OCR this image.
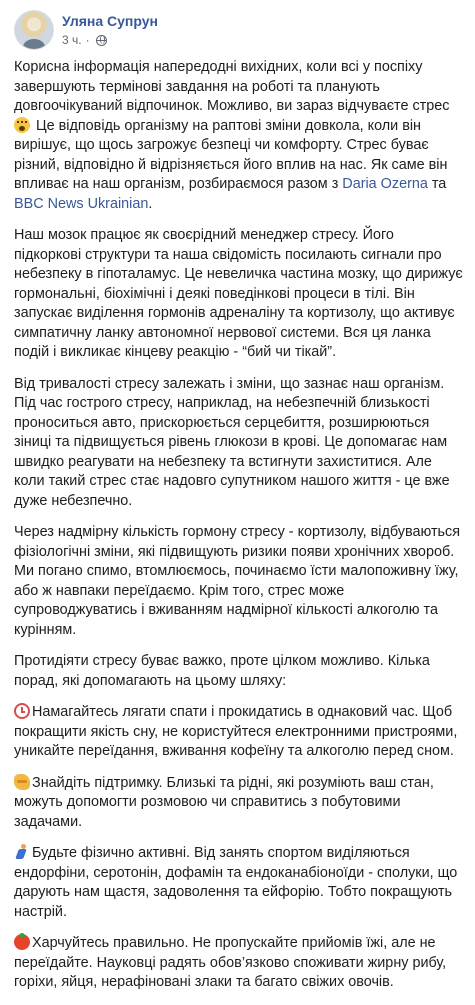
Уляна Супрун
3 ч. ·

Корисна інформація напередодні вихідних, коли всі у поспіху завершують термінові завдання на роботі та планують довгоочікуваний відпочинок. Можливо, ви зараз відчуваєте стрес Це відповідь організму на раптові зміни довкола, коли він вирішує, що щось загрожує безпеці чи комфорту. Стрес буває різний, відповідно й відрізняється його вплив на нас. Як саме він впливає на наш організм, розбираємося разом з Daria Ozerna та BBC News Ukrainian.

Наш мозок працює як своєрідний менеджер стресу. Його підкоркові структури та наша свідомість посилають сигнали про небезпеку в гіпоталамус. Це невеличка частина мозку, що дирижує гормональні, біохімічні і деякі поведінкові процеси в тілі. Він запускає виділення гормонів адреналіну та кортизолу, що активує симпатичну ланку автономної нервової системи. Вся ця ланка подій і викликає кінцеву реакцію - “бий чи тікай”.

Від тривалості стресу залежать і зміни, що зазнає наш організм. Під час гострого стресу, наприклад, на небезпечній близькості проноситься авто, прискорюється серцебиття, розширюються зіниці та підвищується рівень глюкози в крові. Це допомагає нам швидко реагувати на небезпеку та встигнути захиститися. Але коли такий стрес стає надовго супутником нашого життя - це вже дуже небезпечно.

Через надмірну кількість гормону стресу - кортизолу, відбуваються фізіологічні зміни, які підвищують ризики появи хронічних хвороб. Ми погано спимо, втомлюємось, починаємо їсти малопоживну їжу, або ж навпаки переїдаємо. Крім того, стрес може супроводжуватись і вживанням надмірної кількості алкоголю та курінням.

Протидіяти стресу буває важко, проте цілком можливо. Кілька порад, які допомагають на цьому шляху:

Намагайтесь лягати спати і прокидатись в однаковий час. Щоб покращити якість сну, не користуйтеся електронними пристроями, уникайте переїдання, вживання кофеїну та алкоголю перед сном.

Знайдіть підтримку. Близькі та рідні, які розуміють ваш стан, можуть допомогти розмовою чи справитись з побутовими задачами.

Будьте фізично активні. Від занять спортом виділяються ендорфіни, серотонін, дофамін та ендоканабіоноїди - сполуки, що дарують нам щастя, задоволення та ейфорію. Тобто покращують настрій.

Харчуйтесь правильно. Не пропускайте прийомів їжі, але не переїдайте. Науковці радять обов’язково споживати жирну рибу, горіхи, яйця, нерафіновані злаки та багато свіжих овочів.
